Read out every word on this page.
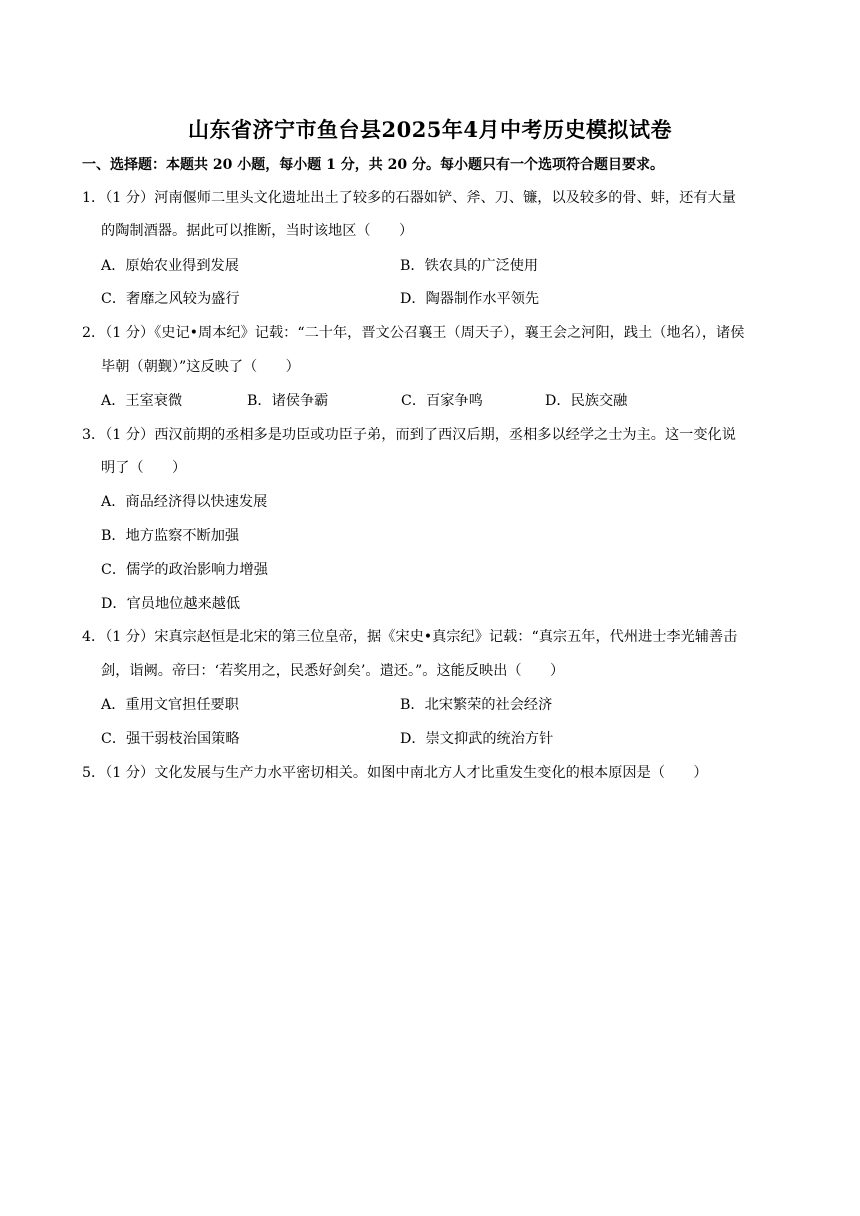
山东省济宁市鱼台县2025年4月中考历史模拟试卷
一、选择题：本题共 20 小题，每小题 1 分，共 20 分。每小题只有一个选项符合题目要求。
1．（1 分）河南偃师二里头文化遗址出土了较多的石器如铲、斧、刀、镰，以及较多的骨、蚌，还有大量
的陶制酒器。据此可以推断，当时该地区（　　）
A．原始农业得到发展	B．铁农具的广泛使用
C．奢靡之风较为盛行	D．陶器制作水平领先
2．（1 分）《史记•周本纪》记载：“二十年，晋文公召襄王（周天子），襄王会之河阳，践土（地名），诸侯
毕朝（朝觐）”这反映了（　　）
A．王室衰微	B．诸侯争霸	C．百家争鸣	D．民族交融
3．（1 分）西汉前期的丞相多是功臣或功臣子弟，而到了西汉后期，丞相多以经学之士为主。这一变化说
明了（　　）
A．商品经济得以快速发展
B．地方监察不断加强
C．儒学的政治影响力增强
D．官员地位越来越低
4．（1 分）宋真宗赵恒是北宋的第三位皇帝，据《宋史•真宗纪》记载：“真宗五年，代州进士李光辅善击
剑，诣阙。帝曰：‘若奖用之，民悉好剑矣’。遣还。”。这能反映出（　　）
A．重用文官担任要职	B．北宋繁荣的社会经济
C．强干弱枝治国策略	D．崇文抑武的统治方针
5．（1 分）文化发展与生产力水平密切相关。如图中南北方人才比重发生变化的根本原因是（　　）
